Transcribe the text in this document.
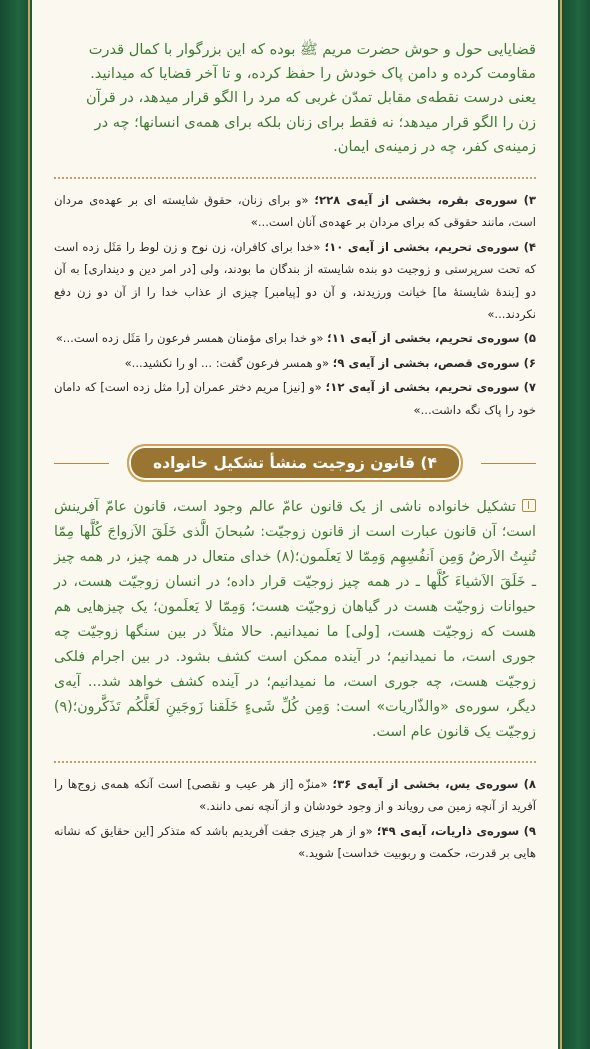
قضایایی حول و حوش حضرت مریم ﷺ بوده که این بزرگوار با کمال قدرت

مقاومت کرده و دامن پاک خودش را حفظ کرده، و تا آخر قضایا که میدانید.

یعنی درست نقطه‌ی مقابل تمدّن غربی که مرد را الگو قرار میدهد، در قرآن

زن را الگو قرار میدهد؛ نه فقط برای زنان بلکه برای همه‌ی انسانها؛ چه در

زمینه‌ی کفر، چه در زمینه‌ی ایمان.

۳) سوره‌ی بقره، بخشی از آیه‌ی ۲۲۸؛ «و برای زنان، حقوق شایسته ای بر عهده‌ی مردان است، مانند حقوقی که برای مردان بر عهده‌ی آنان است...»
۴) سوره‌ی تحریم، بخشی از آیه‌ی ۱۰؛ «خدا برای کافران، زن نوح و زن لوط را مَثَل زده است که تحت سرپرستی و زوجیت دو بنده شایسته از بندگان ما بودند، ولی [در امر دین و دینداری] به آن دو [بندهٔ شایستهٔ ما] خیانت ورزیدند، و آن دو [پیامبر] چیزی از عذاب خدا را از آن دو زن دفع نکردند...»
۵) سوره‌ی تحریم، بخشی از آیه‌ی ۱۱؛ «و خدا برای مؤمنان همسر فرعون را مَثَل زده است...»
۶) سوره‌ی قصص، بخشی از آیه‌ی ۹؛ «و همسر فرعون گفت: ... او را نکشید...»
۷) سوره‌ی تحریم، بخشی از آیه‌ی ۱۲؛ «و [نیز] مریم دختر عمران [را مثل زده است] که دامان خود را پاک نگه داشت...»
۴) قانون زوجیت منشأ تشکیل خانواده
تشکیل خانواده ناشی از یک قانون عامّ عالم وجود است، قانون عامّ آفرینش است؛ آن قانون عبارت است از قانون زوجیّت: سُبحانَ الَّذی خَلَقَ الاَزواجَ کُلَّها مِمّا تُنبِتُ الاَرضُ وَمِن اَنفُسِهِم وَمِمّا لا یَعلَمون؛(۸) خدای متعال در همه چیز، در همه چیز ـ خَلَقَ الاَشیاءَ کُلَّها ـ در همه چیز زوجیّت قرار داده؛ در انسان زوجیّت هست، در حیوانات زوجیّت هست در گیاهان زوجیّت هست؛ وَمِمّا لا یَعلَمون؛ یک چیزهایی هم هست که زوجیّت هست، [ولی] ما نمیدانیم. حالا مثلاً در بین سنگها زوجیّت چه جوری است، ما نمیدانیم؛ در آینده ممکن است کشف بشود. در بین اجرام فلکی زوجیّت هست، چه جوری است، ما نمیدانیم؛ در آینده کشف خواهد شد... آیه‌ی دیگر، سوره‌ی «والذّاریات» است: وَمِن کُلِّ شَیءٍ خَلَقنا زَوجَینِ لَعَلَّکُم تَذَکَّرون؛(۹) زوجیّت یک قانون عام است.
۸) سوره‌ی یس، بخشی از آیه‌ی ۳۶؛ «منزّه [از هر عیب و نقصی] است آنکه همه‌ی زوج‌ها را آفرید از آنچه زمین می رویاند و از وجود خودشان و از آنچه نمی دانند.»
۹) سوره‌ی ذاریات، آیه‌ی ۴۹؛ «و از هر چیزی جفت آفریدیم باشد که متذکر [این حقایق که نشانه هایی بر قدرت، حکمت و ربوبیت خداست] شوید.»
